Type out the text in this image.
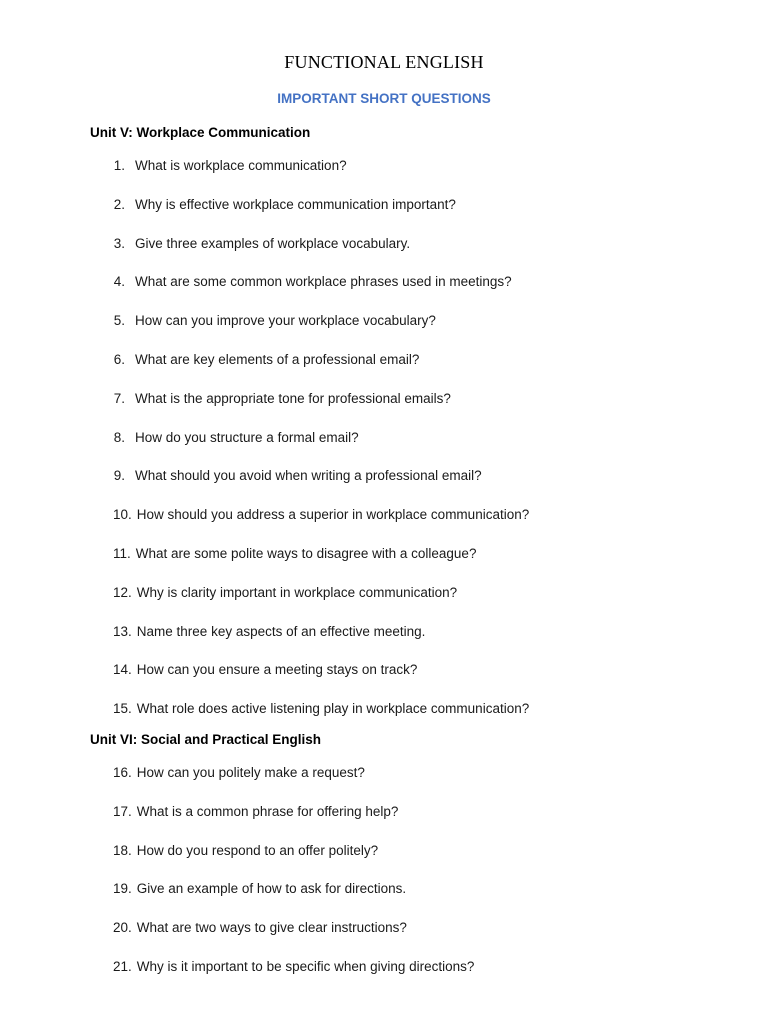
FUNCTIONAL ENGLISH
IMPORTANT SHORT QUESTIONS
Unit V: Workplace Communication
1. What is workplace communication?
2. Why is effective workplace communication important?
3. Give three examples of workplace vocabulary.
4. What are some common workplace phrases used in meetings?
5. How can you improve your workplace vocabulary?
6. What are key elements of a professional email?
7. What is the appropriate tone for professional emails?
8. How do you structure a formal email?
9. What should you avoid when writing a professional email?
10. How should you address a superior in workplace communication?
11. What are some polite ways to disagree with a colleague?
12. Why is clarity important in workplace communication?
13. Name three key aspects of an effective meeting.
14. How can you ensure a meeting stays on track?
15. What role does active listening play in workplace communication?
Unit VI: Social and Practical English
16. How can you politely make a request?
17. What is a common phrase for offering help?
18. How do you respond to an offer politely?
19. Give an example of how to ask for directions.
20. What are two ways to give clear instructions?
21. Why is it important to be specific when giving directions?
